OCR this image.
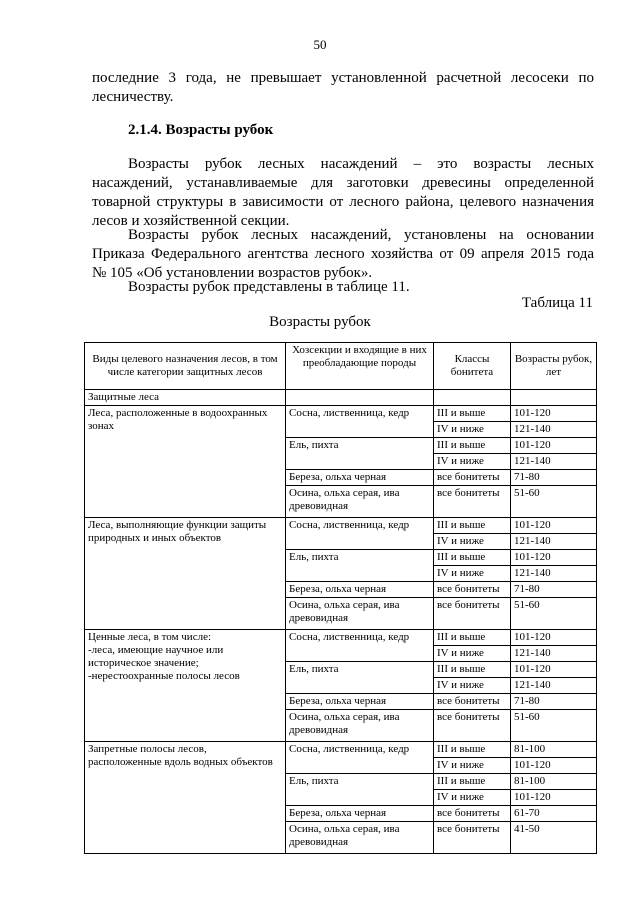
50
последние 3 года, не превышает установленной расчетной лесосеки по
лесничеству.
2.1.4. Возрасты рубок
Возрасты рубок лесных насаждений – это возрасты лесных
насаждений, устанавливаемые для заготовки древесины определенной
товарной структуры в зависимости от лесного района, целевого назначения
лесов и хозяйственной секции.
Возрасты рубок лесных насаждений, установлены на основании
Приказа Федерального агентства лесного хозяйства от 09 апреля 2015 года
№ 105 «Об установлении возрастов рубок».
Возрасты рубок представлены в таблице 11.
Таблица 11
Возрасты рубок
Виды целевого назначения лесов, в том числе категории защитных лесов	Хозсекции и входящие в них преобладающие породы	Классы бонитета	Возрасты рубок, лет
Защитные леса			
Леса, расположенные в водоохранных зонах	Сосна, лиственница, кедр	III и выше	101-120
		IV и ниже	121-140
	Ель, пихта	III и выше	101-120
		IV и ниже	121-140
	Береза, ольха черная	все бонитеты	71-80
	Осина, ольха серая, ива древовидная	все бонитеты	51-60
Леса, выполняющие функции защиты природных и иных объектов	Сосна, лиственница, кедр	III и выше	101-120
		IV и ниже	121-140
	Ель, пихта	III и выше	101-120
		IV и ниже	121-140
	Береза, ольха черная	все бонитеты	71-80
	Осина, ольха серая, ива древовидная	все бонитеты	51-60
Ценные леса, в том числе:
-леса, имеющие научное или историческое значение;
-нерестоохранные полосы лесов	Сосна, лиственница, кедр	III и выше	101-120
		IV и ниже	121-140
	Ель, пихта	III и выше	101-120
		IV и ниже	121-140
	Береза, ольха черная	все бонитеты	71-80
	Осина, ольха серая, ива древовидная	все бонитеты	51-60
Запретные полосы лесов, расположенные вдоль водных объектов	Сосна, лиственница, кедр	III и выше	81-100
		IV и ниже	101-120
	Ель, пихта	III и выше	81-100
		IV и ниже	101-120
	Береза, ольха черная	все бонитеты	61-70
	Осина, ольха серая, ива древовидная	все бонитеты	41-50
